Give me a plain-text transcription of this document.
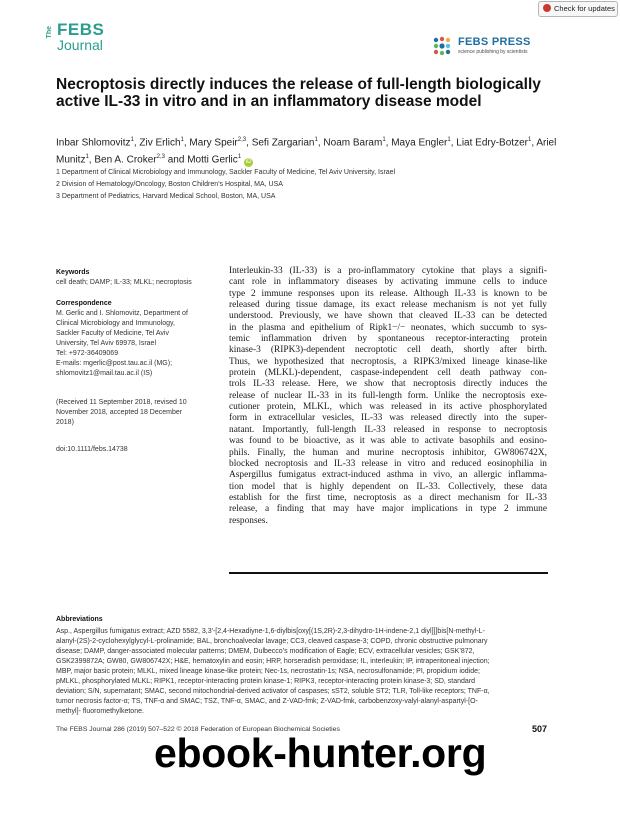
Check for updates
The FEBS
Journal	FEBS PRESS
science publishing by scientists
Necroptosis directly induces the release of full-length biologically active IL-33 in vitro and in an inflammatory disease model
Inbar Shlomovitz$^1$, Ziv Erlich$^1$, Mary Speir$^{2,3}$, Sefi Zargarian$^1$, Noam Baram$^1$, Maya Engler$^1$, Liat Edry-Botzer$^1$, Ariel Munitz$^1$, Ben A. Croker$^{2,3}$ and Motti Gerlic$^1$iD
1 Department of Clinical Microbiology and Immunology, Sackler Faculty of Medicine, Tel Aviv University, Israel
2 Division of Hematology/Oncology, Boston Children’s Hospital, MA, USA
3 Department of Pediatrics, Harvard Medical School, Boston, MA, USA
Keywords
cell death; DAMP; IL-33; MLKL; necroptosis
Correspondence
M. Gerlic and I. Shlomovitz, Department of
Clinical Microbiology and Immunology,
Sackler Faculty of Medicine, Tel Aviv
University, Tel Aviv 69978, Israel
Tel: +972-36409069
E-mails: mgerlic@post.tau.ac.il (MG);
shlomovitz1@mail.tau.ac.il (IS)
(Received 11 September 2018, revised 10
November 2018, accepted 18 December
2018)
doi:10.1111/febs.14738
Interleukin-33 (IL-33) is a pro-inflammatory cytokine that plays a signifi-
cant role in inflammatory diseases by activating immune cells to induce
type 2 immune responses upon its release. Although IL-33 is known to be
released during tissue damage, its exact release mechanism is not yet fully
understood. Previously, we have shown that cleaved IL-33 can be detected
in the plasma and epithelium of Ripk1−/− neonates, which succumb to sys-
temic inflammation driven by spontaneous receptor-interacting protein
kinase-3 (RIPK3)-dependent necroptotic cell death, shortly after birth.
Thus, we hypothesized that necroptosis, a RIPK3/mixed lineage kinase-like
protein (MLKL)-dependent, caspase-independent cell death pathway con-
trols IL-33 release. Here, we show that necroptosis directly induces the
release of nuclear IL-33 in its full-length form. Unlike the necroptosis exe-
cutioner protein, MLKL, which was released in its active phosphorylated
form in extracellular vesicles, IL-33 was released directly into the super-
natant. Importantly, full-length IL-33 released in response to necroptosis
was found to be bioactive, as it was able to activate basophils and eosino-
phils. Finally, the human and murine necroptosis inhibitor, GW806742X,
blocked necroptosis and IL-33 release in vitro and reduced eosinophilia in
Aspergillus fumigatus extract-induced asthma in vivo, an allergic inflamma-
tion model that is highly dependent on IL-33. Collectively, these data
establish for the first time, necroptosis as a direct mechanism for IL-33
release, a finding that may have major implications in type 2 immune
responses.
Abbreviations
Asp., Aspergillus fumigatus extract; AZD 5582, 3,3′-[2,4-Hexadiyne-1,6-diylbis[oxy[(1S,2R)-2,3-dihydro-1H-indene-2,1 diyl]]]bis[N-methyl-L-
alanyl-(2S)-2-cyclohexylglycyl-L-prolinamide; BAL, bronchoalveolar lavage; CC3, cleaved caspase-3; COPD, chronic obstructive pulmonary
disease; DAMP, danger-associated molecular patterns; DMEM, Dulbecco’s modification of Eagle; ECV, extracellular vesicles; GSK’872,
GSK2399872A; GW80, GW806742X; H&E, hematoxylin and eosin; HRP, horseradish peroxidase; IL, interleukin; IP, intraperitoneal injection;
MBP, major basic protein; MLKL, mixed lineage kinase-like protein; Nec-1s, necrostatin-1s; NSA, necrosulfonamide; PI, propidium iodide;
pMLKL, phosphorylated MLKL; RIPK1, receptor-interacting protein kinase-1; RIPK3, receptor-interacting protein kinase-3; SD, standard
deviation; S/N, supernatant; SMAC, second mitochondrial-derived activator of caspases; sST2, soluble ST2; TLR, Toll-like receptors; TNF-α,
tumor necrosis factor-α; TS, TNF-α and SMAC; TSZ, TNF-α, SMAC, and Z-VAD-fmk; Z-VAD-fmk, carbobenzoxy-valyl-alanyl-aspartyl-[O-
methyl]- fluoromethylketone.
The FEBS Journal 286 (2019) 507–522 © 2018 Federation of European Biochemical Societies	507
ebook-hunter.org
